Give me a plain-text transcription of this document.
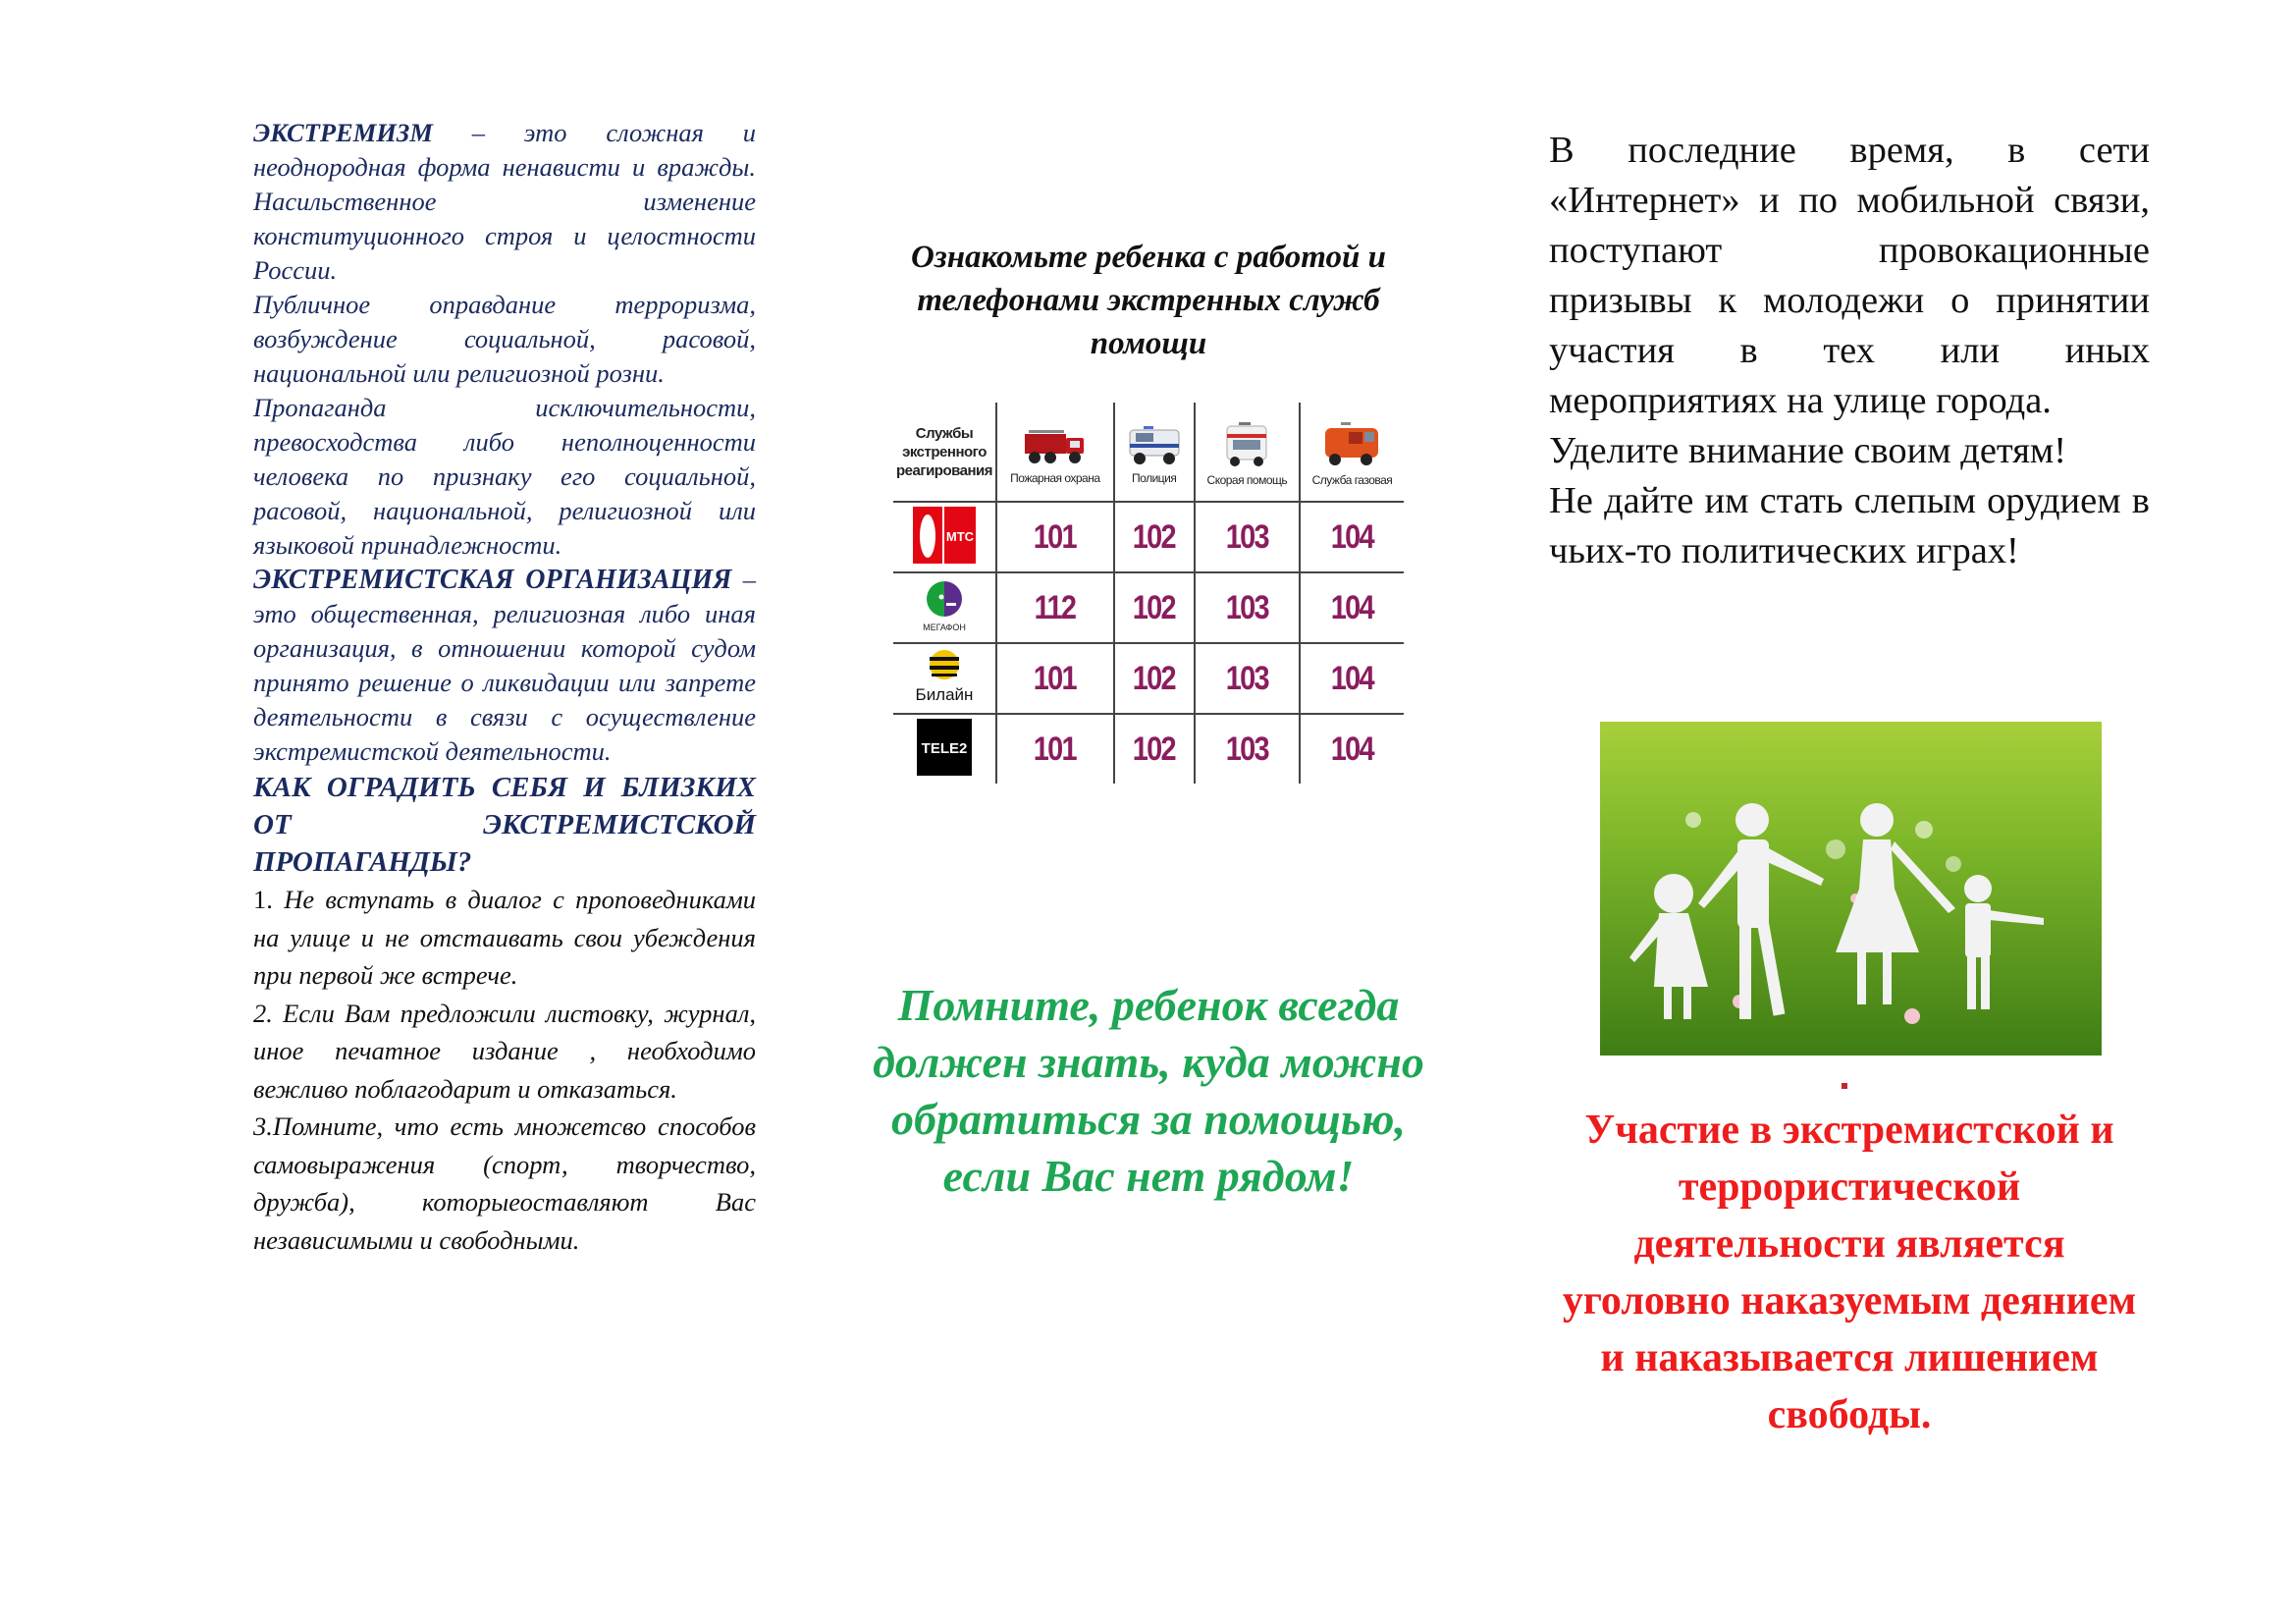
ЭКСТРЕМИЗМ – это сложная и неоднородная форма ненависти и вражды. Насильственное изменение конституционного строя и целостности России.

Публичное оправдание терроризма, возбуждение социальной, расовой, национальной или религиозной розни.

Пропаганда исключительности, превосходства либо неполноценности человека по признаку его социальной, расовой, национальной, религиозной или языковой принадлежности.

ЭКСТРЕМИСТСКАЯ ОРГАНИЗАЦИЯ – это общественная, религиозная либо иная организация, в отношении которой судом принято решение о ликвидации или запрете деятельности в связи с осуществление экстремистской деятельности.

КАК ОГРАДИТЬ СЕБЯ И БЛИЗКИХ ОТ ЭКСТРЕМИСТСКОЙ ПРОПАГАНДЫ?

1. Не вступать в диалог с проповедниками на улице и не отстаивать свои убеждения при первой же встрече.

2. Если Вам предложили листовку, журнал, иное печатное издание , необходимо вежливо поблагодарит и отказаться.

3.Помните, что есть множетсво способов самовыражения (спорт, творчество, дружба), которыеоставляют Вас независимыми и свободными.

Ознакомьте ребенка с работой и телефонами экстренных служб помощи

Службы экстренного реагирования	Пожарная охрана	Полиция	Скорая помощь	Служба газовая

МТС	101	102	103	104

МЕГАФОН	112	102	103	104

Билайн	101	102	103	104

TELE2	101	102	103	104

Помните, ребенок всегда должен знать, куда можно обратиться за помощью, если Вас нет рядом!

В последние время, в сети «Интернет» и по мобильной связи, поступают провокационные призывы к молодежи о принятии участия в тех или иных мероприятиях на улице города.

Уделите внимание своим детям!

Не дайте им стать слепым орудием в чьих-то политических играх!

Участие в экстремистской и террористической деятельности является уголовно наказуемым деянием и наказывается лишением свободы.
